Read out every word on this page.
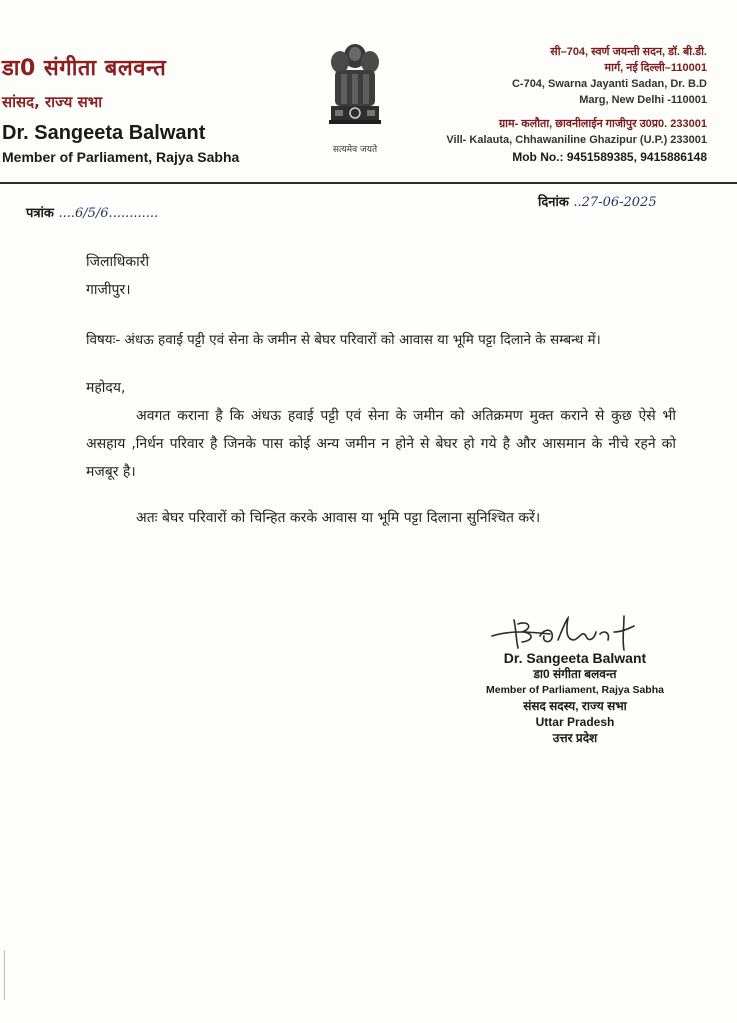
डा0 संगीता बलवन्त
सांसद, राज्य सभा
Dr. Sangeeta Balwant
Member of Parliament, Rajya Sabha	सत्यमेव जयते
सी–704, स्वर्ण जयन्ती सदन, डॉ. बी.डी.
मार्ग, नई दिल्ली–110001
C-704, Swarna Jayanti Sadan, Dr. B.D
Marg, New Delhi -110001
ग्राम- कलौता, छावनीलाईन गाजीपुर उ0प्र0. 233001
Vill- Kalauta, Chhawaniline Ghazipur (U.P.) 233001
Mob No.: 9451589385, 9415886148
पत्रांक ....6/5/6............
दिनांक ..27-06-2025
जिलाधिकारी
गाजीपुर।
विषयः- अंधऊ हवाई पट्टी एवं सेना के जमीन से बेघर परिवारों को आवास या भूमि पट्टा दिलाने के सम्बन्ध में।
महोदय,
अवगत कराना है कि अंधऊ हवाई पट्टी एवं सेना के जमीन को अतिक्रमण मुक्त कराने से कुछ ऐसे भी असहाय ,निर्धन परिवार है जिनके पास कोई अन्य जमीन न होने से बेघर हो गये है और आसमान के नीचे रहने को मजबूर है।
अतः बेघर परिवारों को चिन्हित करके आवास या भूमि पट्टा दिलाना सुनिश्चित करें।
Dr. Sangeeta Balwant
डा0 संगीता बलवन्त
Member of Parliament, Rajya Sabha
संसद सदस्य, राज्य सभा
Uttar Pradesh
उत्तर प्रदेश
